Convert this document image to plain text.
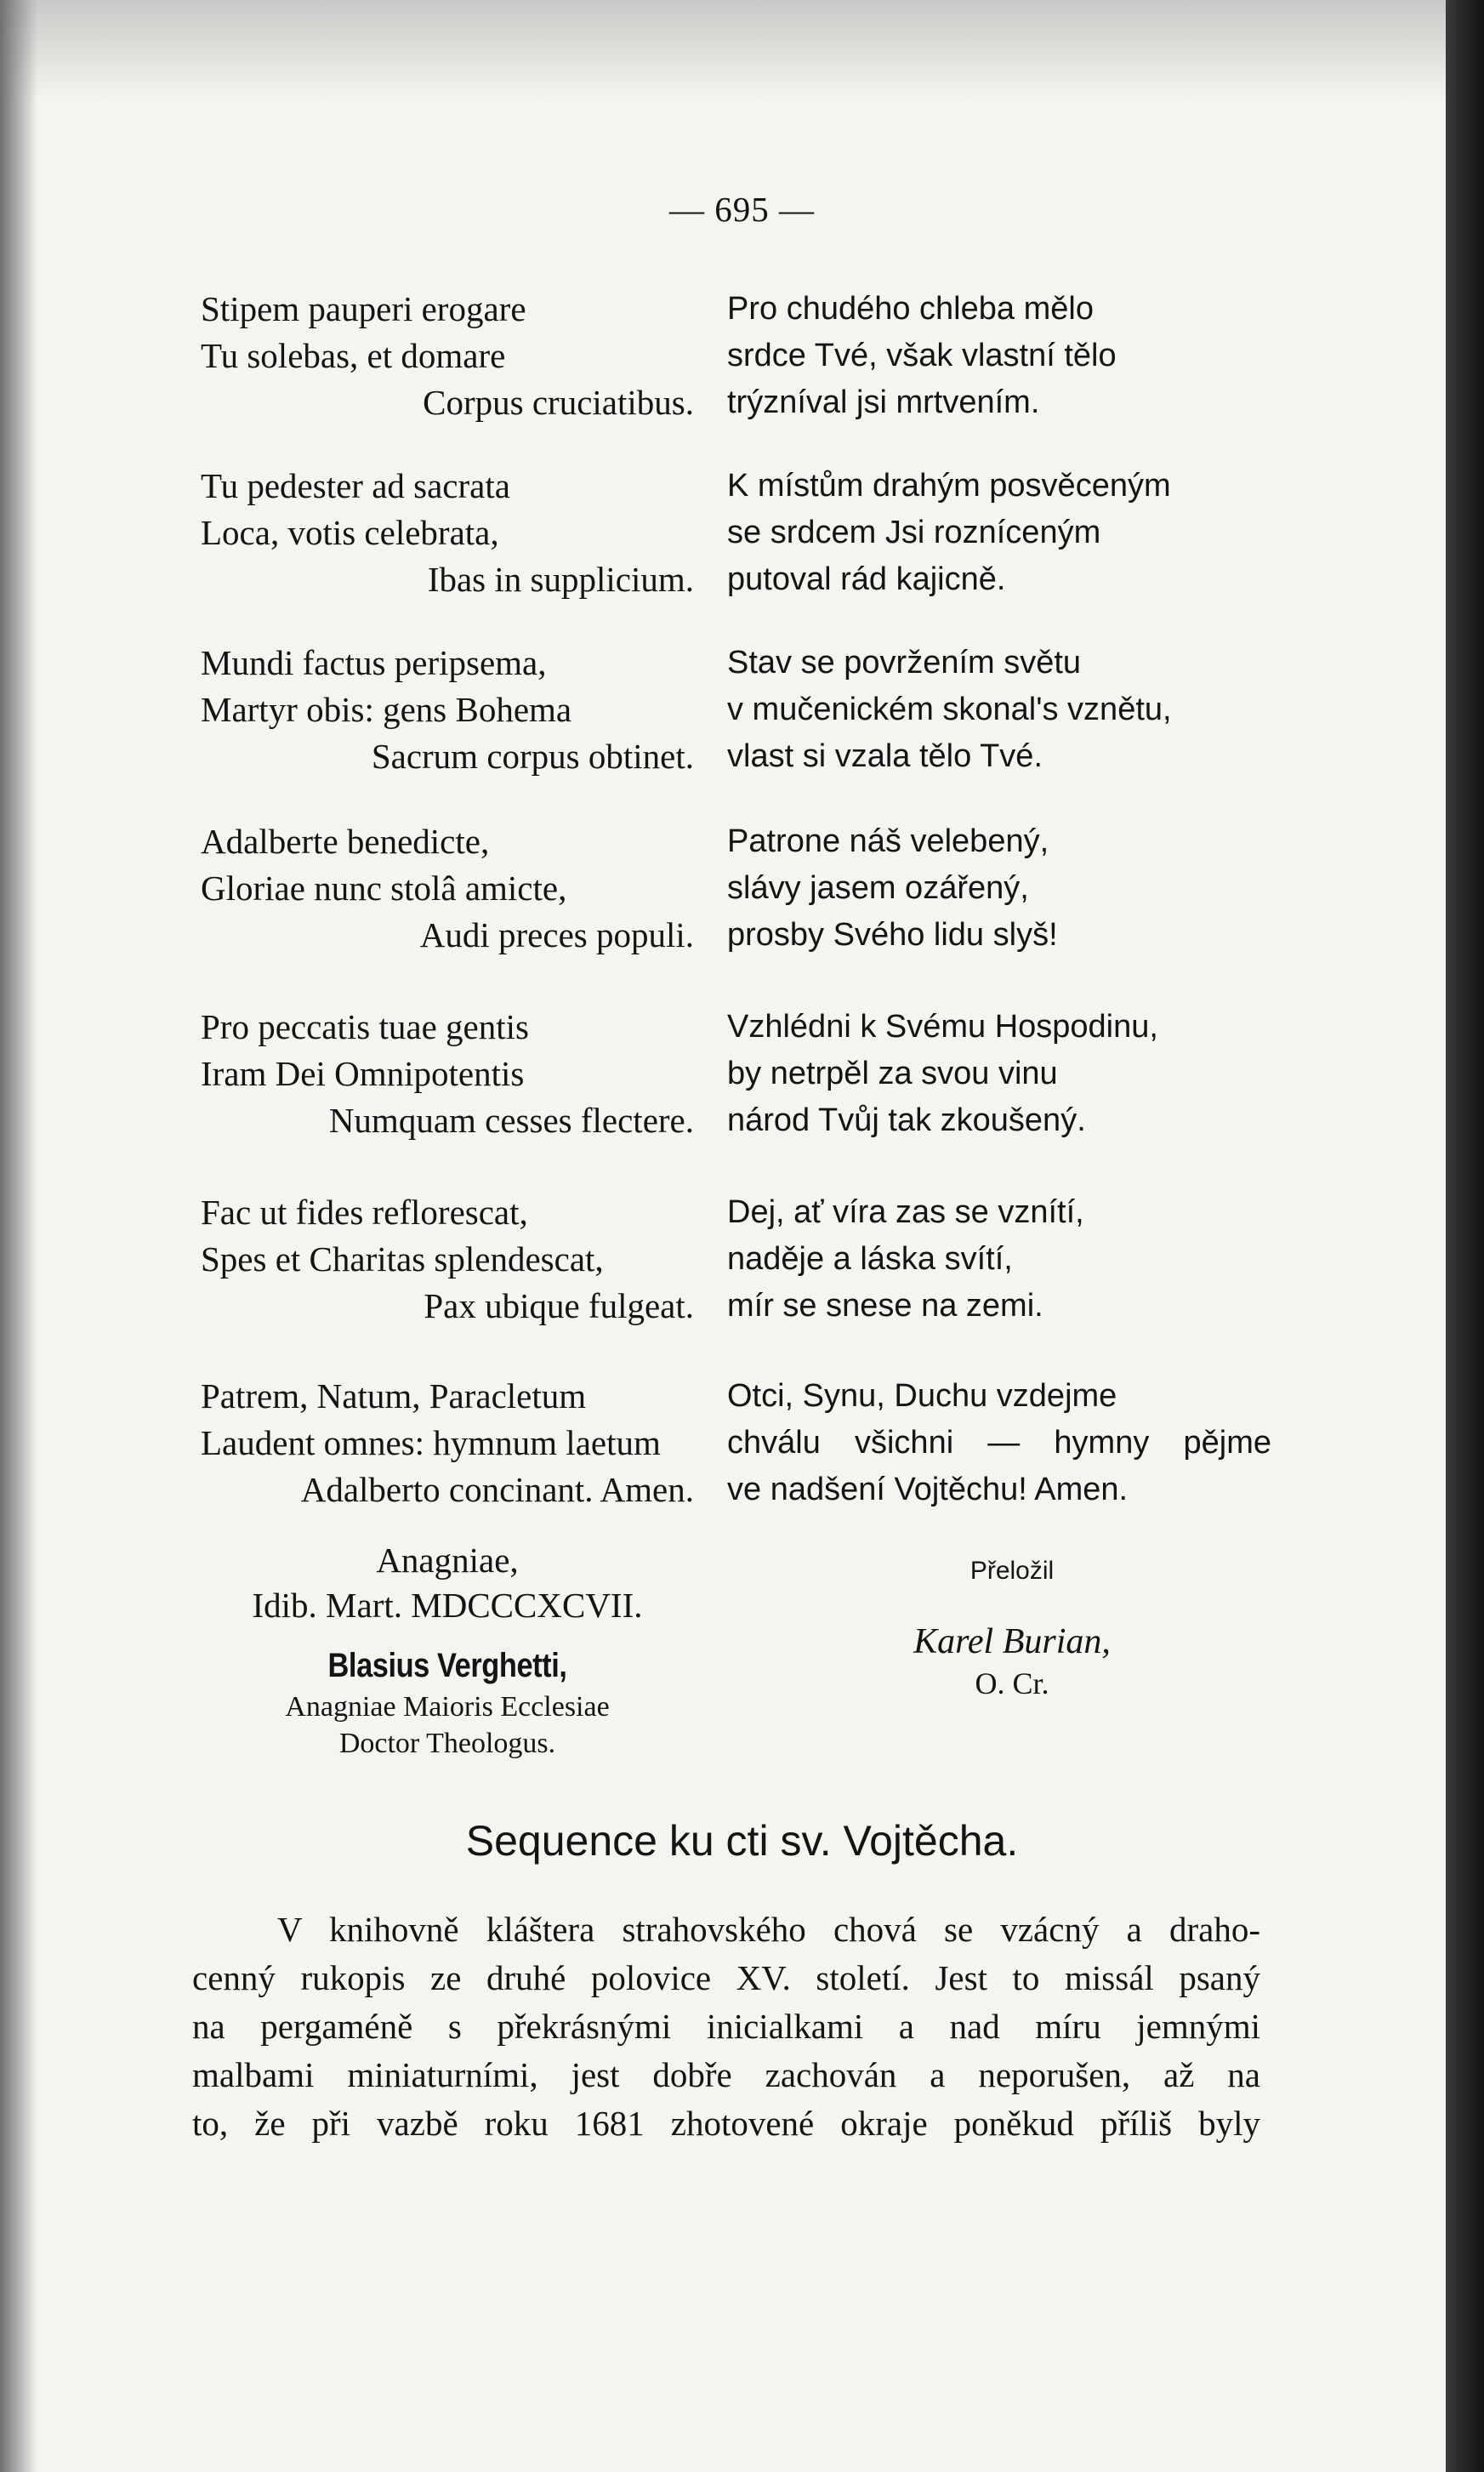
— 695 —
Stipem pauperi erogare
Tu solebas, et domare
Corpus cruciatibus.
Tu pedester ad sacrata
Loca, votis celebrata,
Ibas in supplicium.
Mundi factus peripsema,
Martyr obis: gens Bohema
Sacrum corpus obtinet.
Adalberte benedicte,
Gloriae nunc stolâ amicte,
Audi preces populi.
Pro peccatis tuae gentis
Iram Dei Omnipotentis
Numquam cesses flectere.
Fac ut fides reflorescat,
Spes et Charitas splendescat,
Pax ubique fulgeat.
Patrem, Natum, Paracletum
Laudent omnes: hymnum laetum
Adalberto concinant. Amen.
Pro chudého chleba mělo
srdce Tvé, však vlastní tělo
trýzníval jsi mrtvením.
K místům drahým posvěceným
se srdcem Jsi rozníceným
putoval rád kajicně.
Stav se povržením světu
v mučenickém skonal's vznětu,
vlast si vzala tělo Tvé.
Patrone náš velebený,
slávy jasem ozářený,
prosby Svého lidu slyš!
Vzhlédni k Svému Hospodinu,
by netrpěl za svou vinu
národ Tvůj tak zkoušený.
Dej, ať víra zas se vznítí,
naděje a láska svítí,
mír se snese na zemi.
Otci, Synu, Duchu vzdejme
chválu všichni — hymny pějme
ve nadšení Vojtěchu! Amen.
Anagniae,
Idib. Mart. MDCCCXCVII.
Blasius Verghetti,
Anagniae Maioris Ecclesiae
Doctor Theologus.
Přeložil
Karel Burian,
O. Cr.
Sequence ku cti sv. Vojtěcha.
V knihovně kláštera strahovského chová se vzácný a draho-
cenný rukopis ze druhé polovice XV. století. Jest to missál psaný
na pergaméně s překrásnými inicialkami a nad míru jemnými
malbami miniaturními, jest dobře zachován a neporušen, až na
to, že při vazbě roku 1681 zhotovené okraje poněkud příliš byly
